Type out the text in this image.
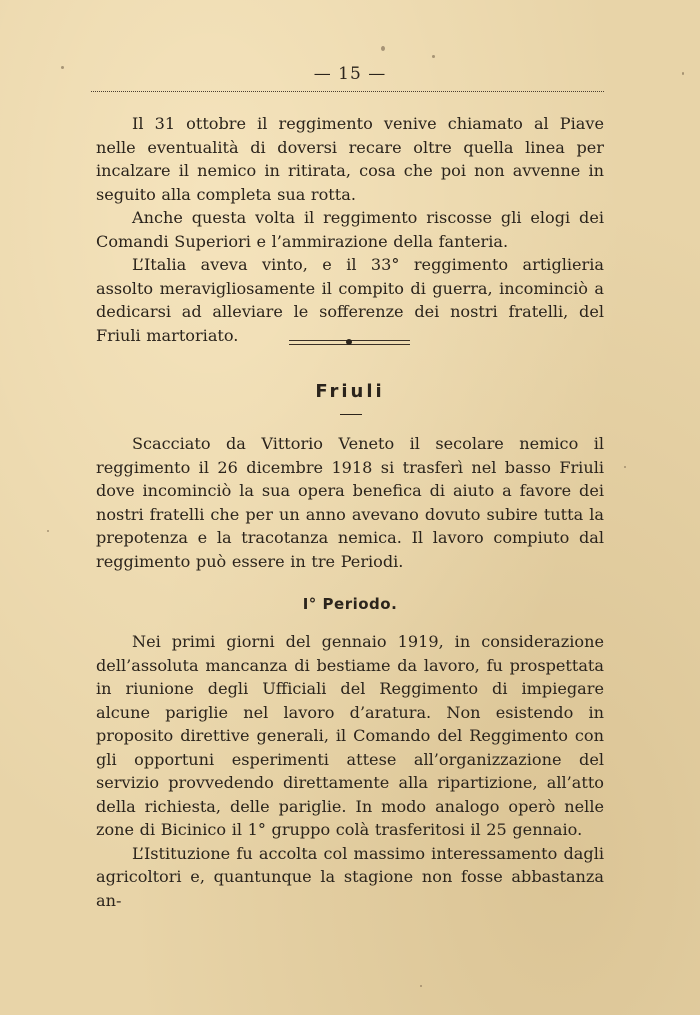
— 15 —

Il 31 ottobre il reggimento venive chiamato al Piave nelle eventualità di doversi recare oltre quella linea per incalzare il nemico in ritirata, cosa che poi non avvenne in seguito alla completa sua rotta.

Anche questa volta il reggimento riscosse gli elogi dei Comandi Superiori e l’ammirazione della fanteria.

L’Italia aveva vinto, e il 33° reggimento artiglieria assolto meravigliosamente il compito di guerra, incominciò a dedicarsi ad alleviare le sofferenze dei nostri fratelli, del Friuli martoriato.

Friuli

Scacciato da Vittorio Veneto il secolare nemico il reggimento il 26 dicembre 1918 si trasferì nel basso Friuli dove incominciò la sua opera benefica di aiuto a favore dei nostri fratelli che per un anno avevano dovuto subire tutta la prepotenza e la tracotanza nemica. Il lavoro compiuto dal reggimento può essere in tre Periodi.

I° Periodo.

Nei primi giorni del gennaio 1919, in considerazione dell’assoluta mancanza di bestiame da lavoro, fu prospettata in riunione degli Ufficiali del Reggimento di impiegare alcune pariglie nel lavoro d’aratura. Non esistendo in proposito direttive generali, il Comando del Reggimento con gli opportuni esperimenti attese all’organizzazione del servizio provvedendo direttamente alla ripartizione, all’atto della richiesta, delle pariglie. In modo analogo operò nelle zone di Bicinico il 1° gruppo colà trasferitosi il 25 gennaio.

L’Istituzione fu accolta col massimo interessamento dagli agricoltori e, quantunque la stagione non fosse abbastanza an-
